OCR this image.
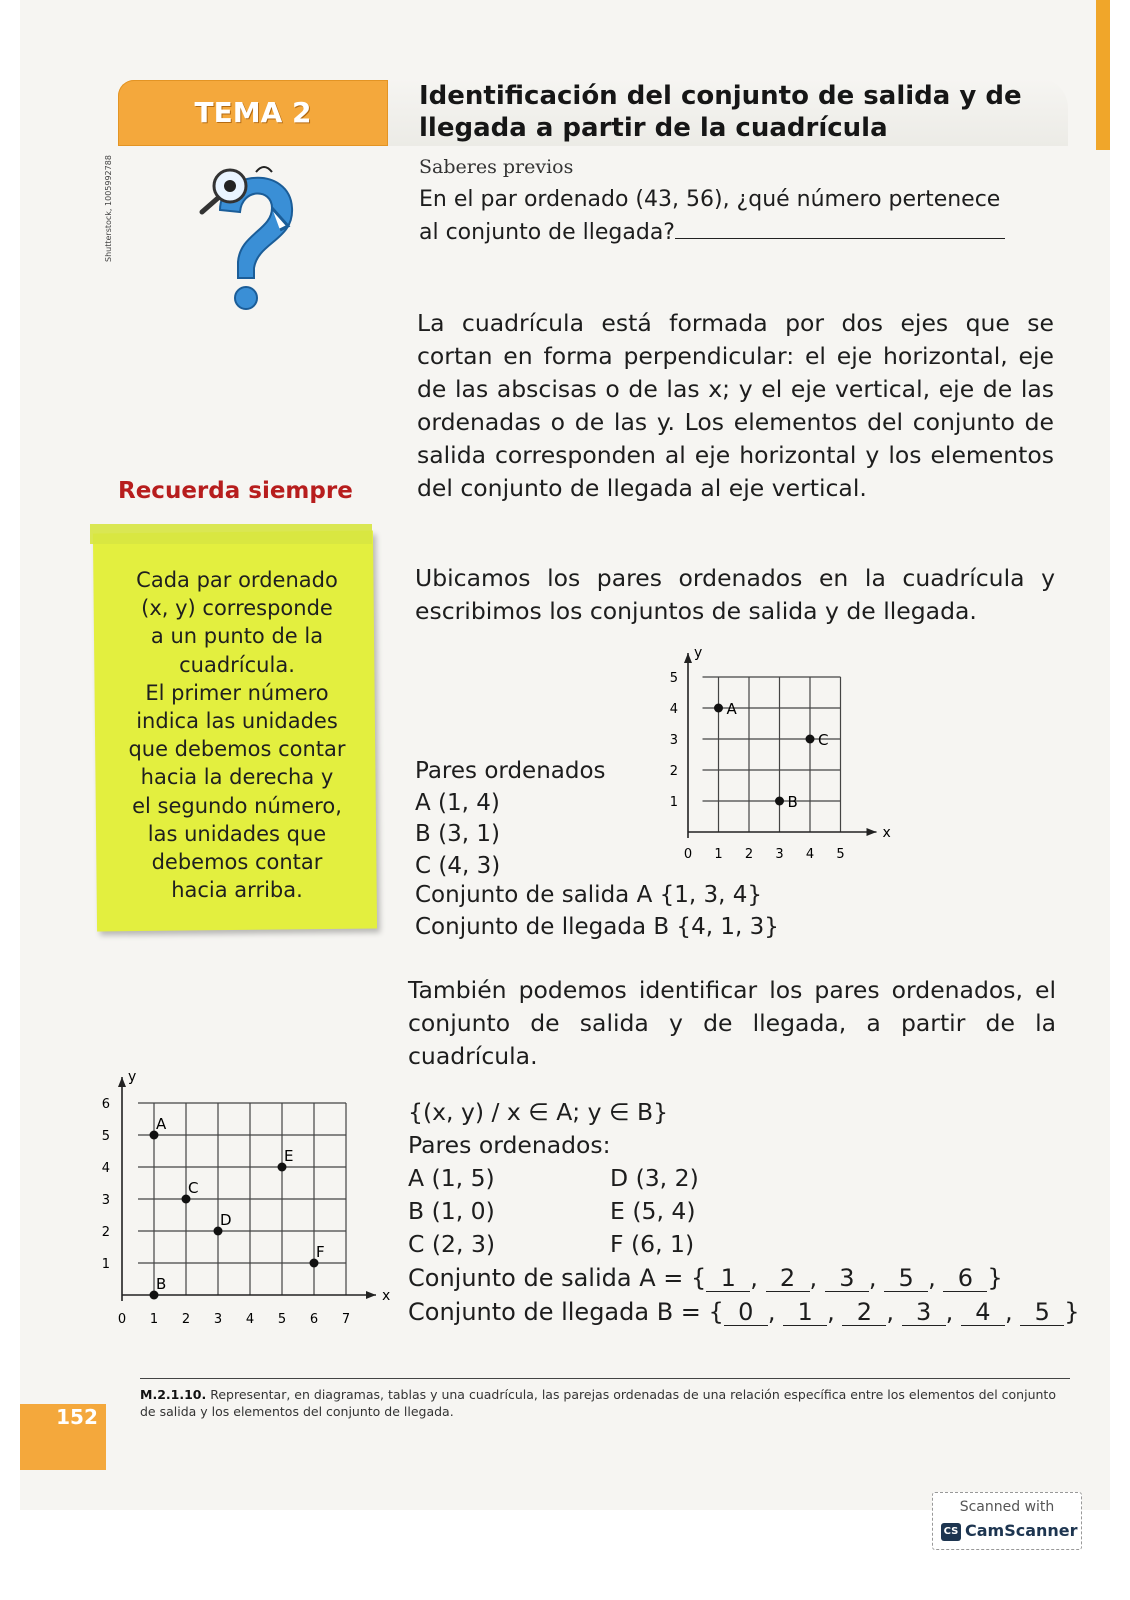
TEMA 2	Identificación del conjunto de salida y de
llegada a partir de la cuadrícula
Shutterstock, 1005992788	Saberes previos
En el par ordenado (43, 56), ¿qué número pertenece
al conjunto de llegada?
La cuadrícula está formada por dos ejes que se cortan en forma perpendicular: el eje horizontal, eje de las abscisas o de las x; y el eje vertical, eje de las ordenadas o de las y. Los elementos del conjunto de salida corresponden al eje horizontal y los elementos del conjunto de llegada al eje vertical.
Recuerda siempre
Cada par ordenado
(x, y) corresponde
a un punto de la
cuadrícula.
El primer número
indica las unidades
que debemos contar
hacia la derecha y
el segundo número,
las unidades que
debemos contar
hacia arriba.
Ubicamos los pares ordenados en la cuadrícula y escribimos los conjuntos de salida y de llegada.
x
y
0 1 2 3 4 5
1
2
3
4
5
A
B
C
Pares ordenados
A (1, 4)
B (3, 1)
C (4, 3)
Conjunto de salida A {1, 3, 4}
Conjunto de llegada B {4, 1, 3}
También podemos identificar los pares ordenados, el conjunto de salida y de llegada, a partir de la cuadrícula.
x
y
0 1 2 3 4 5 6 7
1
2
3
4
5
6
A
B
C
D
E
F
{(x, y) / x ∈ A; y ∈ B}
Pares ordenados:
A (1, 5)	D (3, 2)
B (1, 0)	E (5, 4)
C (2, 3)	F (6, 1)
Conjunto de salida A = { 1 , 2 , 3 , 5 , 6 }
Conjunto de llegada B = { 0 , 1 , 2 , 3 , 4 , 5 }
M.2.1.10. Representar, en diagramas, tablas y una cuadrícula, las parejas ordenadas de una relación específica entre los elementos del conjunto de salida y los elementos del conjunto de llegada.
152
Scanned with
CS CamScanner
